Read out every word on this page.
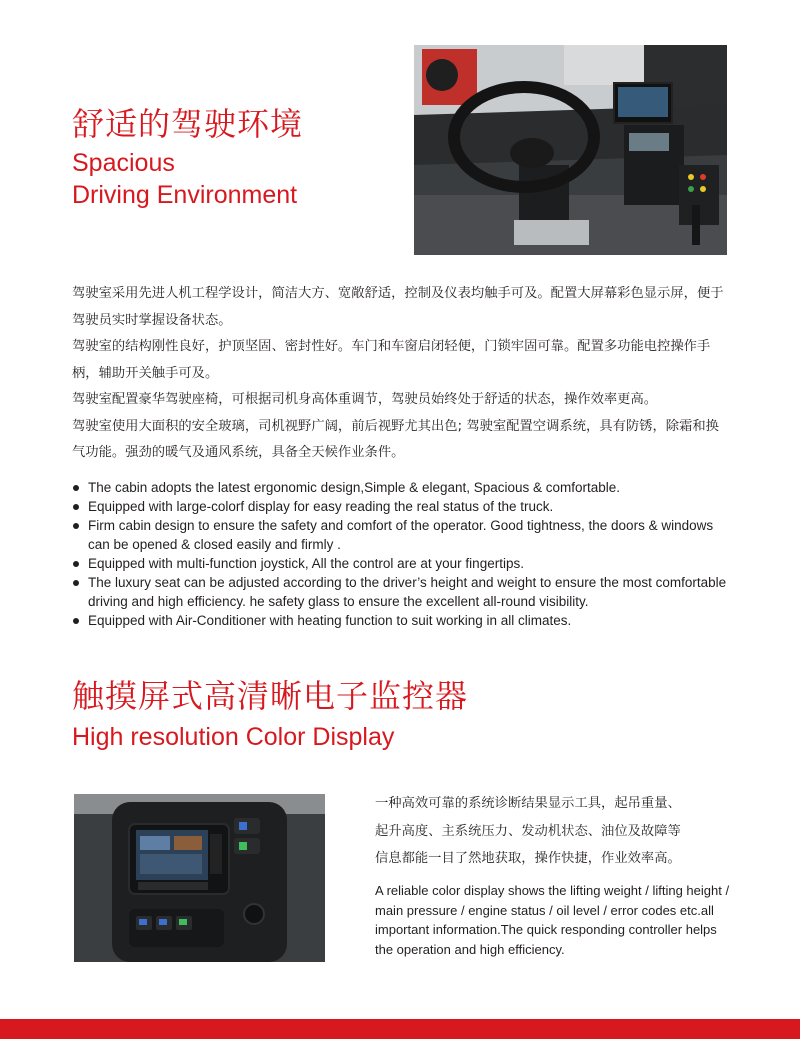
舒适的驾驶环境
Spacious
Driving Environment

驾驶室采用先进人机工程学设计，简洁大方、宽敞舒适，控制及仪表均触手可及。配置大屏幕彩色显示屏，便于驾驶员实时掌握设备状态。

驾驶室的结构刚性良好，护顶坚固、密封性好。车门和车窗启闭轻便，门锁牢固可靠。配置多功能电控操作手柄，辅助开关触手可及。

驾驶室配置豪华驾驶座椅，可根据司机身高体重调节，驾驶员始终处于舒适的状态，操作效率更高。

驾驶室使用大面积的安全玻璃，司机视野广阔，前后视野尤其出色; 驾驶室配置空调系统，具有防锈，除霜和换气功能。强劲的暖气及通风系统，具备全天候作业条件。

The cabin adopts the latest ergonomic design,Simple & elegant, Spacious & comfortable.
Equipped with large-colorf display for easy reading the real status of the truck.
Firm cabin design to ensure the safety and comfort of the operator. Good tightness, the doors & windows can be opened & closed easily and firmly .
Equipped with multi-function joystick, All the control are at your fingertips.
The luxury seat can be adjusted according to the driver’s height and weight to ensure the most comfortable driving and high efficiency. he safety glass to ensure the excellent all-round visibility.
Equipped with Air-Conditioner with heating function to suit working in all climates.
触摸屏式高清晰电子监控器
High resolution Color Display

一种高效可靠的系统诊断结果显示工具，起吊重量、

起升高度、主系统压力、发动机状态、油位及故障等

信息都能一目了然地获取，操作快捷，作业效率高。

A reliable color display shows the lifting weight / lifting height / main pressure / engine status / oil level / error codes etc.all important information.The quick responding controller helps the operation and high efficiency.
